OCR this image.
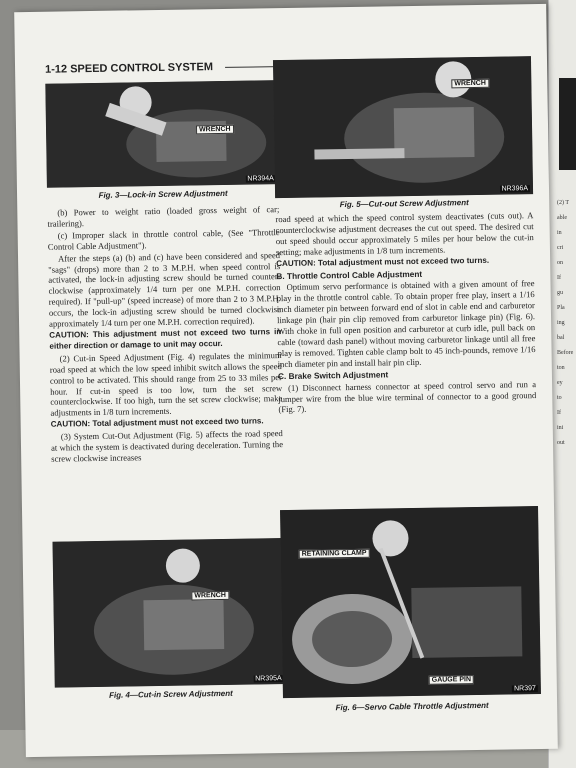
(2) T
able
in
cri
on
If
gu
Pla
ing
bal
Before
ton
ey
to
If
ini
out
1-12 SPEED CONTROL SYSTEM
WRENCH
NR394A
Fig. 3—Lock-in Screw Adjustment
WRENCH
NR396A
Fig. 5—Cut-out Screw Adjustment

(b) Power to weight ratio (loaded gross weight of car; trailering).

(c) Improper slack in throttle control cable, (See "Throttle Control Cable Adjustment").

After the steps (a) (b) and (c) have been considered and speed "sags" (drops) more than 2 to 3 M.P.H. when speed control is activated, the lock-in adjusting screw should be turned counter-clockwise (approximately 1/4 turn per one M.P.H. correction required). If "pull-up" (speed increase) of more than 2 to 3 M.P.H. occurs, the lock-in adjusting screw should be turned clockwise approximately 1/4 turn per one M.P.H. correction required).

CAUTION: This adjustment must not exceed two turns in either direction or damage to unit may occur.

(2) Cut-in Speed Adjustment (Fig. 4) regulates the minimum road speed at which the low speed inhibit switch allows the speed control to be activated. This should range from 25 to 33 miles per hour. If cut-in speed is too low, turn the set screw counterclockwise. If too high, turn the set screw clockwise; make adjustments in 1/8 turn increments.

CAUTION: Total adjustment must not exceed two turns.

(3) System Cut-Out Adjustment (Fig. 5) affects the road speed at which the system is deactivated during deceleration. Turning the screw clockwise increases

WRENCH
NR395A
Fig. 4—Cut-in Screw Adjustment

road speed at which the speed control system deactivates (cuts out). A counterclockwise adjustment decreases the cut out speed. The desired cut out speed should occur approximately 5 miles per hour below the cut-in setting; make adjustments in 1/8 turn increments.

CAUTION: Total adjustment must not exceed two turns.

B. Throttle Control Cable Adjustment

Optimum servo performance is obtained with a given amount of free play in the throttle control cable. To obtain proper free play, insert a 1/16 inch diameter pin between forward end of slot in cable end and carburetor linkage pin (hair pin clip removed from carburetor linkage pin) (Fig. 6). With choke in full open position and carburetor at curb idle, pull back on cable (toward dash panel) without moving carburetor linkage until all free play is removed. Tighten cable clamp bolt to 45 inch-pounds, remove 1/16 inch diameter pin and install hair pin clip.

C. Brake Switch Adjustment

(1) Disconnect harness connector at speed control servo and run a jumper wire from the blue wire terminal of connector to a good ground (Fig. 7).

RETAINING CLAMP
GAUGE PIN
NR397
Fig. 6—Servo Cable Throttle Adjustment
